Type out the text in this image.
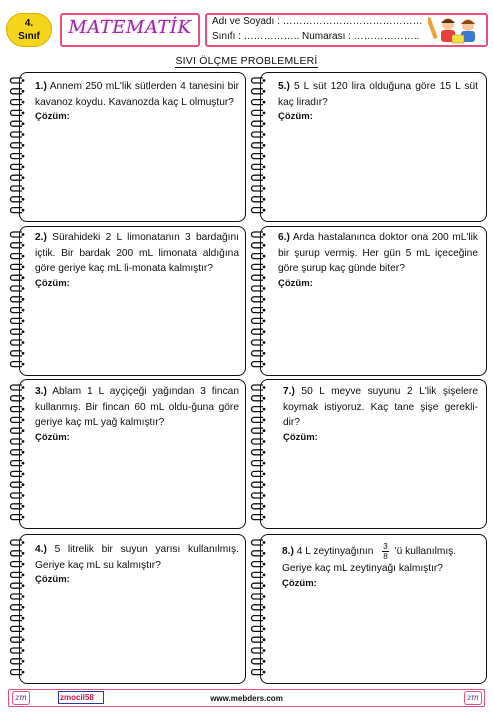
4.
Sınıf	MATEMATİK	Adı ve Soyadı : ……………………………………
Sınıfı : …………….. Numarası : ………………..
SIVI ÖLÇME PROBLEMLERİ
1.) Annem 250 mL'lik sütlerden 4 tanesini bir kavanoz koydu. Kavanozda kaç L olmuştur?
Çözüm:
5.) 5 L süt 120 lira olduğuna göre 15 L süt kaç liradır?
Çözüm:
2.) Sürahideki 2 L limonatanın 3 bardağını içtik. Bir bardak 200 mL limonata aldığına göre geriye kaç mL li-monata kalmıştır?
Çözüm:
6.) Arda hastalanınca doktor ona 200 mL'lik bir şurup vermiş. Her gün 5 mL içeceğine göre şurup kaç günde biter?
Çözüm:
3.) Ablam 1 L ayçiçeği yağından 3 fincan kullanmış. Bir fincan 60 mL oldu-ğuna göre geriye kaç mL yağ kalmıştır?
Çözüm:
7.) 50 L meyve suyunu 2 L'lik şişelere koymak istiyoruz. Kaç tane şişe gerekli-dir?
Çözüm:
4.) 5 litrelik bir suyun yarısı kullanılmış. Geriye kaç mL su kalmıştır?
Çözüm:
8.) 4 L zeytinyağının $\frac{3}{8}$ 'ü kullanılmış. Geriye kaç mL zeytinyağı kalmıştır?
Çözüm:
zm	zmocil58	www.mebders.com	zm
